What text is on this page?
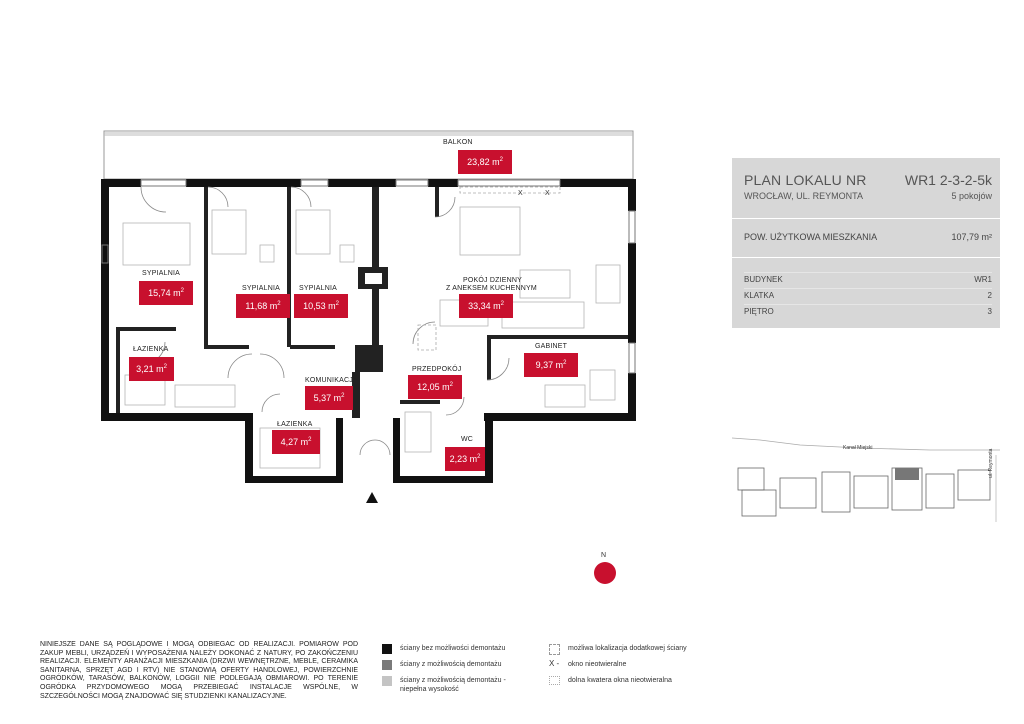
X	X
BALKON
23,82 $m^2$
SYPIALNIA
15,74 $m^2$	SYPIALNIA
11,68 $m^2$
SYPIALNIA
10,53 $m^2$
POKÓJ DZIENNY
Z ANEKSEM KUCHENNYM
33,34 $m^2$
ŁAZIENKA
3,21 $m^2$
KOMUNIKACJA
5,37 $m^2$
ŁAZIENKA
4,27 $m^2$
PRZEDPOKÓJ
12,05 $m^2$
GABINET
9,37 $m^2$
WC
2,23 $m^2$
PLAN LOKALU NR	WR1 2-3-2-5k
WROCŁAW, UL. REYMONTA	5 pokojów
POW. UŻYTKOWA MIESZKANIA	107,79 m²
BUDYNEK	WR1
KLATKA	2
PIĘTRO	3
Kanał Miejski
ul. Reymonta
N
NINIEJSZE DANE SĄ POGLĄDOWE I MOGĄ ODBIEGAĆ OD REALIZACJI. POMIARÓW POD ZAKUP MEBLI, URZĄDZEŃ I WYPOSAŻENIA NALEŻY DOKONAĆ Z NATURY, PO ZAKOŃCZENIU REALIZACJI. ELEMENTY ARANŻACJI MIESZKANIA (DRZWI WEWNĘTRZNE, MEBLE, CERAMIKA SANITARNA, SPRZĘT AGD I RTV) NIE STANOWIĄ OFERTY HANDLOWEJ, POWIERZCHNIE OGRÓDKÓW, TARASÓW, BALKONÓW, LOGGII NIE PODLEGAJĄ OBMIAROWI. PO TERENIE OGRÓDKA PRZYDOMOWEGO MOGĄ PRZEBIEGAĆ INSTALACJE WSPÓLNE, W SZCZEGÓLNOŚCI MOGĄ ZNAJDOWAĆ SIĘ STUDZIENKI KANALIZACYJNE.
ściany bez możliwości demontażu
ściany z możliwością demontażu
ściany z możliwością demontażu -
niepełna wysokość
możliwa lokalizacja dodatkowej ściany
X - okno nieotwieralne
dolna kwatera okna nieotwieralna
